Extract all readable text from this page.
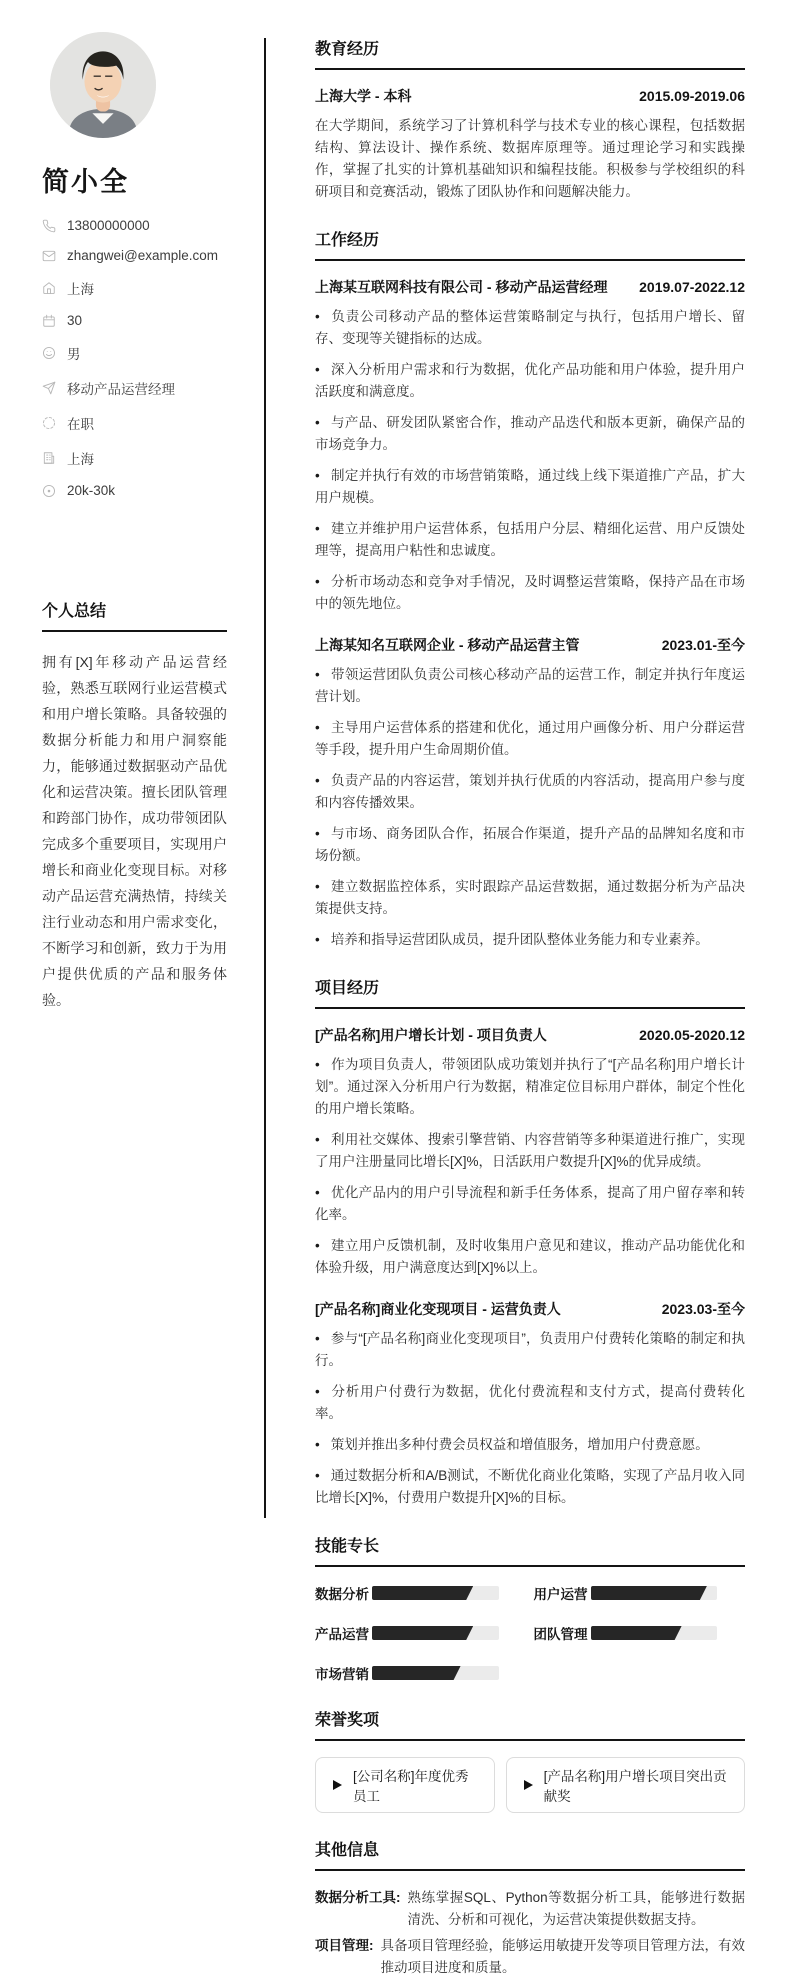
简小全
13800000000
zhangwei@example.com
上海
30
男
移动产品运营经理
在职
上海
20k-30k
个人总结

拥有[X]年移动产品运营经验，熟悉互联网行业运营模式和用户增长策略。具备较强的数据分析能力和用户洞察能力，能够通过数据驱动产品优化和运营决策。擅长团队管理和跨部门协作，成功带领团队完成多个重要项目，实现用户增长和商业化变现目标。对移动产品运营充满热情，持续关注行业动态和用户需求变化，不断学习和创新，致力于为用户提供优质的产品和服务体验。

教育经历
上海大学 - 本科	2015.09-2019.06

在大学期间，系统学习了计算机科学与技术专业的核心课程，包括数据结构、算法设计、操作系统、数据库原理等。通过理论学习和实践操作，掌握了扎实的计算机基础知识和编程技能。积极参与学校组织的科研项目和竞赛活动，锻炼了团队协作和问题解决能力。

工作经历
上海某互联网科技有限公司 - 移动产品运营经理 2019.07-2022.12

• 负责公司移动产品的整体运营策略制定与执行，包括用户增长、留存、变现等关键指标的达成。

• 深入分析用户需求和行为数据，优化产品功能和用户体验，提升用户活跃度和满意度。

• 与产品、研发团队紧密合作，推动产品迭代和版本更新，确保产品的市场竞争力。

• 制定并执行有效的市场营销策略，通过线上线下渠道推广产品，扩大用户规模。

• 建立并维护用户运营体系，包括用户分层、精细化运营、用户反馈处理等，提高用户粘性和忠诚度。

• 分析市场动态和竞争对手情况，及时调整运营策略，保持产品在市场中的领先地位。

上海某知名互联网企业 - 移动产品运营主管	2023.01-至今

• 带领运营团队负责公司核心移动产品的运营工作，制定并执行年度运营计划。

• 主导用户运营体系的搭建和优化，通过用户画像分析、用户分群运营等手段，提升用户生命周期价值。

• 负责产品的内容运营，策划并执行优质的内容活动，提高用户参与度和内容传播效果。

• 与市场、商务团队合作，拓展合作渠道，提升产品的品牌知名度和市场份额。

• 建立数据监控体系，实时跟踪产品运营数据，通过数据分析为产品决策提供支持。

• 培养和指导运营团队成员，提升团队整体业务能力和专业素养。

项目经历
[产品名称]用户增长计划 - 项目负责人	2020.05-2020.12

• 作为项目负责人，带领团队成功策划并执行了“[产品名称]用户增长计划”。通过深入分析用户行为数据，精准定位目标用户群体，制定个性化的用户增长策略。

• 利用社交媒体、搜索引擎营销、内容营销等多种渠道进行推广，实现了用户注册量同比增长[X]%，日活跃用户数提升[X]%的优异成绩。

• 优化产品内的用户引导流程和新手任务体系，提高了用户留存率和转化率。

• 建立用户反馈机制，及时收集用户意见和建议，推动产品功能优化和体验升级，用户满意度达到[X]%以上。

[产品名称]商业化变现项目 - 运营负责人	2023.03-至今

• 参与“[产品名称]商业化变现项目”，负责用户付费转化策略的制定和执行。

• 分析用户付费行为数据，优化付费流程和支付方式，提高付费转化率。

• 策划并推出多种付费会员权益和增值服务，增加用户付费意愿。

• 通过数据分析和A/B测试，不断优化商业化策略，实现了产品月收入同比增长[X]%，付费用户数提升[X]%的目标。

技能专长
数据分析	用户运营
产品运营	团队管理
市场营销
荣誉奖项
[公司名称]年度优秀员工
[产品名称]用户增长项目突出贡献奖
其他信息
数据分析工具: 熟练掌握SQL、Python等数据分析工具，能够进行数据清洗、分析和可视化，为运营决策提供数据支持。
项目管理: 具备项目管理经验，能够运用敏捷开发等项目管理方法，有效推动项目进度和质量。
